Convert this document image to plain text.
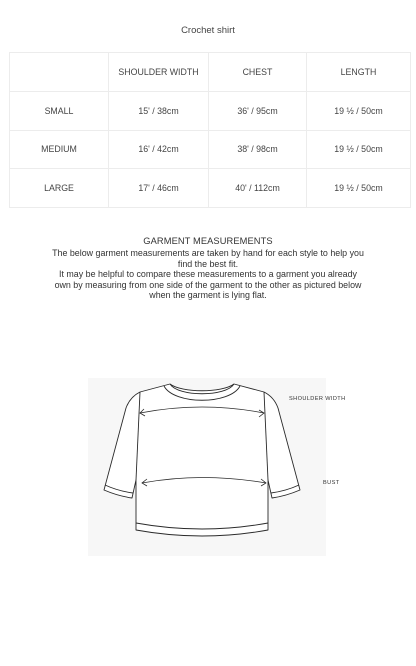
Crochet shirt
	SHOULDER WIDTH	CHEST	LENGTH
SMALL	15' / 38cm	36' / 95cm	19 ½ / 50cm
MEDIUM	16' / 42cm	38' / 98cm	19 ½ / 50cm
LARGE	17' / 46cm	40' / 112cm	19 ½ / 50cm
GARMENT MEASUREMENTS

The below garment measurements are taken by hand for each style to help you find the best fit.

It may be helpful to compare these measurements to a garment you already own by measuring from one side of the garment to the other as pictured below when the garment is lying flat.

SHOULDER WIDTH
BUST
